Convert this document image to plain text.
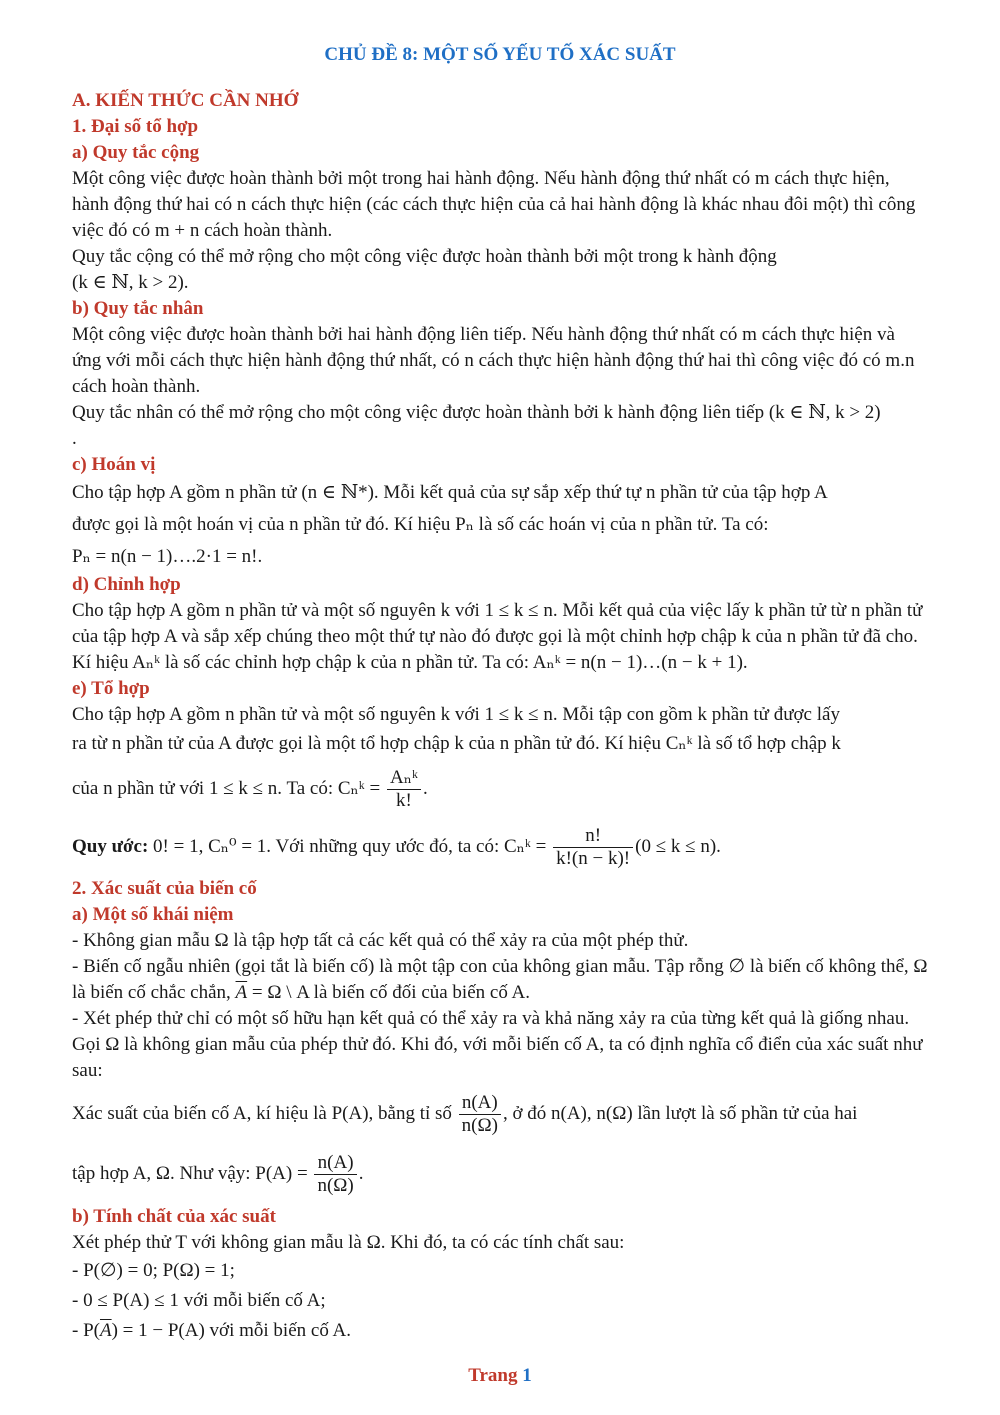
CHỦ ĐỀ 8: MỘT SỐ YẾU TỐ XÁC SUẤT
A. KIẾN THỨC CẦN NHỚ
1. Đại số tổ hợp
a) Quy tắc cộng

Một công việc được hoàn thành bởi một trong hai hành động. Nếu hành động thứ nhất có m cách thực hiện, hành động thứ hai có n cách thực hiện (các cách thực hiện của cả hai hành động là khác nhau đôi một) thì công việc đó có m + n cách hoàn thành.

Quy tắc cộng có thể mở rộng cho một công việc được hoàn thành bởi một trong k hành động

(k ∈ ℕ, k > 2).

b) Quy tắc nhân

Một công việc được hoàn thành bởi hai hành động liên tiếp. Nếu hành động thứ nhất có m cách thực hiện và ứng với mỗi cách thực hiện hành động thứ nhất, có n cách thực hiện hành động thứ hai thì công việc đó có m.n cách hoàn thành.

Quy tắc nhân có thể mở rộng cho một công việc được hoàn thành bởi k hành động liên tiếp (k ∈ ℕ, k > 2)

.

c) Hoán vị

Cho tập hợp A gồm n phần tử (n ∈ ℕ*). Mỗi kết quả của sự sắp xếp thứ tự n phần tử của tập hợp A

được gọi là một hoán vị của n phần tử đó. Kí hiệu Pₙ là số các hoán vị của n phần tử. Ta có:

Pₙ = n(n − 1)….2·1 = n!.

d) Chỉnh hợp

Cho tập hợp A gồm n phần tử và một số nguyên k với 1 ≤ k ≤ n. Mỗi kết quả của việc lấy k phần tử từ n phần tử của tập hợp A và sắp xếp chúng theo một thứ tự nào đó được gọi là một chỉnh hợp chập k của n phần tử đã cho. Kí hiệu Aₙᵏ là số các chỉnh hợp chập k của n phần tử. Ta có: Aₙᵏ = n(n − 1)…(n − k + 1).

e) Tổ hợp

Cho tập hợp A gồm n phần tử và một số nguyên k với 1 ≤ k ≤ n. Mỗi tập con gồm k phần tử được lấy

ra từ n phần tử của A được gọi là một tổ hợp chập k của n phần tử đó. Kí hiệu Cₙᵏ là số tổ hợp chập k

của n phần tử với 1 ≤ k ≤ n. Ta có: Cₙᵏ = $\frac{\text{Aₙᵏ}}{k!}$ .

Quy ước: 0! = 1, Cₙ⁰ = 1. Với những quy ước đó, ta có: Cₙᵏ = $\frac{n!}{k!(n - k)!} (0 \le k \le n)$.

2. Xác suất của biến cố
a) Một số khái niệm

- Không gian mẫu Ω là tập hợp tất cả các kết quả có thể xảy ra của một phép thử.

- Biến cố ngẫu nhiên (gọi tắt là biến cố) là một tập con của không gian mẫu. Tập rỗng ∅ là biến cố không thể, Ω là biến cố chắc chắn, $\overline{A} = \Omega$ \ A là biến cố đối của biến cố A.

- Xét phép thử chỉ có một số hữu hạn kết quả có thể xảy ra và khả năng xảy ra của từng kết quả là giống nhau. Gọi Ω là không gian mẫu của phép thử đó. Khi đó, với mỗi biến cố A, ta có định nghĩa cổ điển của xác suất như sau:

Xác suất của biến cố A, kí hiệu là P(A), bằng tỉ số $\frac{n(A)}{n(\Omega)}$ , ở đó n(A), n(Ω) lần lượt là số phần tử của hai

tập hợp A, Ω. Như vậy: $P(A) = \frac{n(A)}{n(\Omega)}$ .

b) Tính chất của xác suất

Xét phép thử T với không gian mẫu là Ω. Khi đó, ta có các tính chất sau:

- P(∅) = 0; P(Ω) = 1;

- 0 ≤ P(A) ≤ 1 với mỗi biến cố A;

- $P(\overline{A}) = 1 - P(A)$ với mỗi biến cố A.

Trang 1
